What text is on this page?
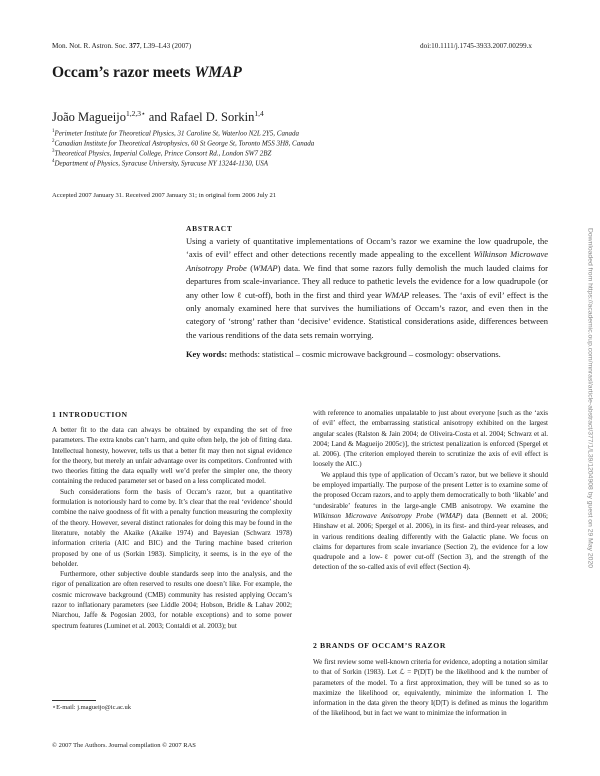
Mon. Not. R. Astron. Soc. 377, L39–L43 (2007)	doi:10.1111/j.1745-3933.2007.00299.x
Occam’s razor meets WMAP
João Magueijo$^{1,2,3⋆}$ and Rafael D. Sorkin$^{1,4}$
$^1$Perimeter Institute for Theoretical Physics, 31 Caroline St, Waterloo N2L 2Y5, Canada
$^2$Canadian Institute for Theoretical Astrophysics, 60 St George St, Toronto M5S 3H8, Canada
$^3$Theoretical Physics, Imperial College, Prince Consort Rd., London SW7 2BZ
$^4$Department of Physics, Syracuse University, Syracuse NY 13244-1130, USA
Accepted 2007 January 31. Received 2007 January 31; in original form 2006 July 21
ABSTRACT
Using a variety of quantitative implementations of Occam’s razor we examine the low quadrupole, the ‘axis of evil’ effect and other detections recently made appealing to the excellent Wilkinson Microwave Anisotropy Probe (WMAP) data. We find that some razors fully demolish the much lauded claims for departures from scale-invariance. They all reduce to pathetic levels the evidence for a low quadrupole (or any other low ℓ cut-off), both in the first and third year WMAP releases. The ‘axis of evil’ effect is the only anomaly examined here that survives the humiliations of Occam’s razor, and even then in the category of ‘strong’ rather than ‘decisive’ evidence. Statistical considerations aside, differences between the various renditions of the data sets remain worrying.
Key words: methods: statistical – cosmic microwave background – cosmology: observations.
1 INTRODUCTION

A better fit to the data can always be obtained by expanding the set of free parameters. The extra knobs can’t harm, and quite often help, the job of fitting data. Intellectual honesty, however, tells us that a better fit may then not signal evidence for the theory, but merely an unfair advantage over its competitors. Confronted with two theories fitting the data equally well we’d prefer the simpler one, the theory containing the reduced parameter set or based on a less complicated model.

Such considerations form the basis of Occam’s razor, but a quantitative formulation is notoriously hard to come by. It’s clear that the real ‘evidence’ should combine the naive goodness of fit with a penalty function measuring the complexity of the theory. However, several distinct rationales for doing this may be found in the literature, notably the Akaike (Akaike 1974) and Bayesian (Schwarz 1978) information criteria (AIC and BIC) and the Turing machine based criterion proposed by one of us (Sorkin 1983). Simplicity, it seems, is in the eye of the beholder.

Furthermore, other subjective double standards seep into the analysis, and the rigor of penalization are often reserved to results one doesn’t like. For example, the cosmic microwave background (CMB) community has resisted applying Occam’s razor to inflationary parameters (see Liddle 2004; Hobson, Bridle & Lahav 2002; Niarchou, Jaffe & Pogosian 2003, for notable exceptions) and to some power spectrum features (Luminet et al. 2003; Contaldi et al. 2003); but

with reference to anomalies unpalatable to just about everyone [such as the ‘axis of evil’ effect, the embarrassing statistical anisotropy exhibited on the largest angular scales (Ralston & Jain 2004; de Oliveira-Costa et al. 2004; Schwarz et al. 2004; Land & Magueijo 2005c)], the strictest penalization is enforced (Spergel et al. 2006). (The criterion employed therein to scrutinize the axis of evil effect is loosely the AIC.)

We applaud this type of application of Occam’s razor, but we believe it should be employed impartially. The purpose of the present Letter is to examine some of the proposed Occam razors, and to apply them democratically to both ‘likable’ and ‘undesirable’ features in the large-angle CMB anisotropy. We examine the Wilkinson Microwave Anisotropy Probe (WMAP) data (Bennett et al. 2006; Hinshaw et al. 2006; Spergel et al. 2006), in its first- and third-year releases, and in various renditions dealing differently with the Galactic plane. We focus on claims for departures from scale invariance (Section 2), the evidence for a low quadrupole and a low-ℓ power cut-off (Section 3), and the strength of the detection of the so-called axis of evil effect (Section 4).

2 BRANDS OF OCCAM’S RAZOR

We first review some well-known criteria for evidence, adopting a notation similar to that of Sorkin (1983). Let ℒ = P(D|T) be the likelihood and k the number of parameters of the model. To a first approximation, they will be tuned so as to maximize the likelihood or, equivalently, minimize the information I. The information in the data given the theory I(D|T) is defined as minus the logarithm of the likelihood, but in fact we want to minimize the information in

⋆E-mail: j.magueijo@ic.ac.uk
© 2007 The Authors. Journal compilation © 2007 RAS
Downloaded from https://academic.oup.com/mnrasl/article-abstract/377/1/L39/1204908 by guest on 29 May 2020
